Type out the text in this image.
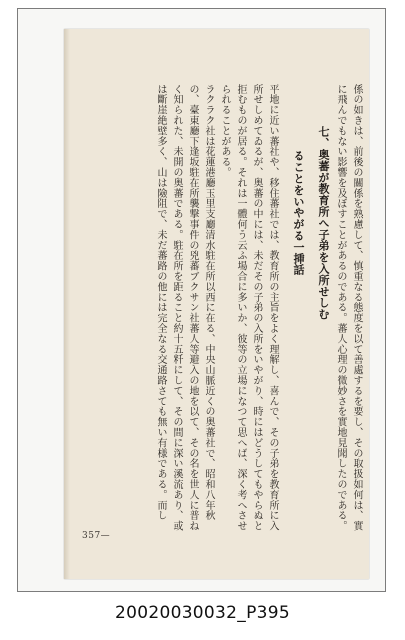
係の如きは、前後の關係を熟慮して、慎重なる態度を以て善處するを要し、その取扱如何は、實に飛んでもない影響を及ぼすことがあるのである。蕃人心理の微妙さを實地見聞したのである。

七、奥蕃が教育所へ子弟を入所せしむ

ることをいやがる一挿話

平地に近い蕃社や、移住蕃社では、教育所の主旨をよく理解し、喜んで、その子弟を教育所に入所せしめてゐるが、奥蕃の中には、未だその子弟の入所をいやがり、時にはどうしてもやらぬと拒むものが居る。それは一體何う云ふ場合に多いか、彼等の立場になつて思へば、深く考へさせられることがある。

ラクラク社は花蓮港廳玉里支廳清水駐在所以西に在る、中央山脈近くの奥蕃社で、昭和八年秋の、臺東廳下逢坂駐在所襲撃事件の兇蕃ブクサン社蕃人等避入の地を以て、その名を世人に普ねく知られた、未開の奥蕃である。駐在所を距ること約十五粁にして、その間に深い溪流あり、或は斷崖絶壁多く、山は險阻で、未だ蕃路の他には完全なる交通路さても無い有様である。而し

357—
20020030032_P395
